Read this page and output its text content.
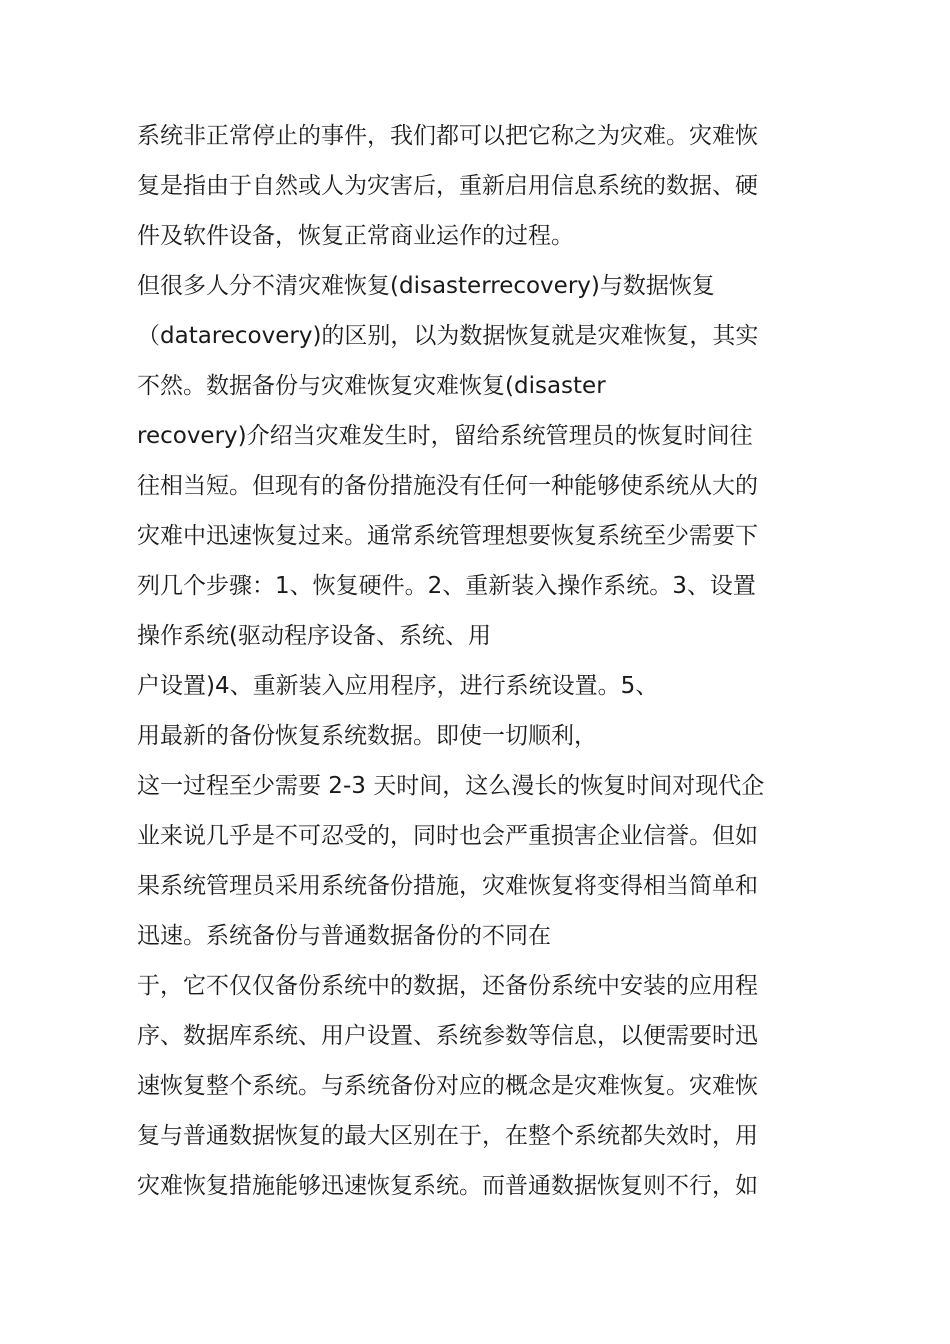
系统非正常停止的事件，我们都可以把它称之为灾难。灾难恢
复是指由于自然或人为灾害后，重新启用信息系统的数据、硬
件及软件设备，恢复正常商业运作的过程。
但很多人分不清灾难恢复(disasterrecovery)与数据恢复
（datarecovery)的区别，以为数据恢复就是灾难恢复，其实
不然。数据备份与灾难恢复灾难恢复(disaster
recovery)介绍当灾难发生时，留给系统管理员的恢复时间往
往相当短。但现有的备份措施没有任何一种能够使系统从大的
灾难中迅速恢复过来。通常系统管理想要恢复系统至少需要下
列几个步骤：1、恢复硬件。2、重新装入操作系统。3、设置
操作系统(驱动程序设备、系统、用
户设置)4、重新装入应用程序，进行系统设置。5、
用最新的备份恢复系统数据。即使一切顺利，
这一过程至少需要 2-3 天时间，这么漫长的恢复时间对现代企
业来说几乎是不可忍受的，同时也会严重损害企业信誉。但如
果系统管理员采用系统备份措施，灾难恢复将变得相当简单和
迅速。系统备份与普通数据备份的不同在
于，它不仅仅备份系统中的数据，还备份系统中安装的应用程
序、数据库系统、用户设置、系统参数等信息，以便需要时迅
速恢复整个系统。与系统备份对应的概念是灾难恢复。灾难恢
复与普通数据恢复的最大区别在于，在整个系统都失效时，用
灾难恢复措施能够迅速恢复系统。而普通数据恢复则不行，如
